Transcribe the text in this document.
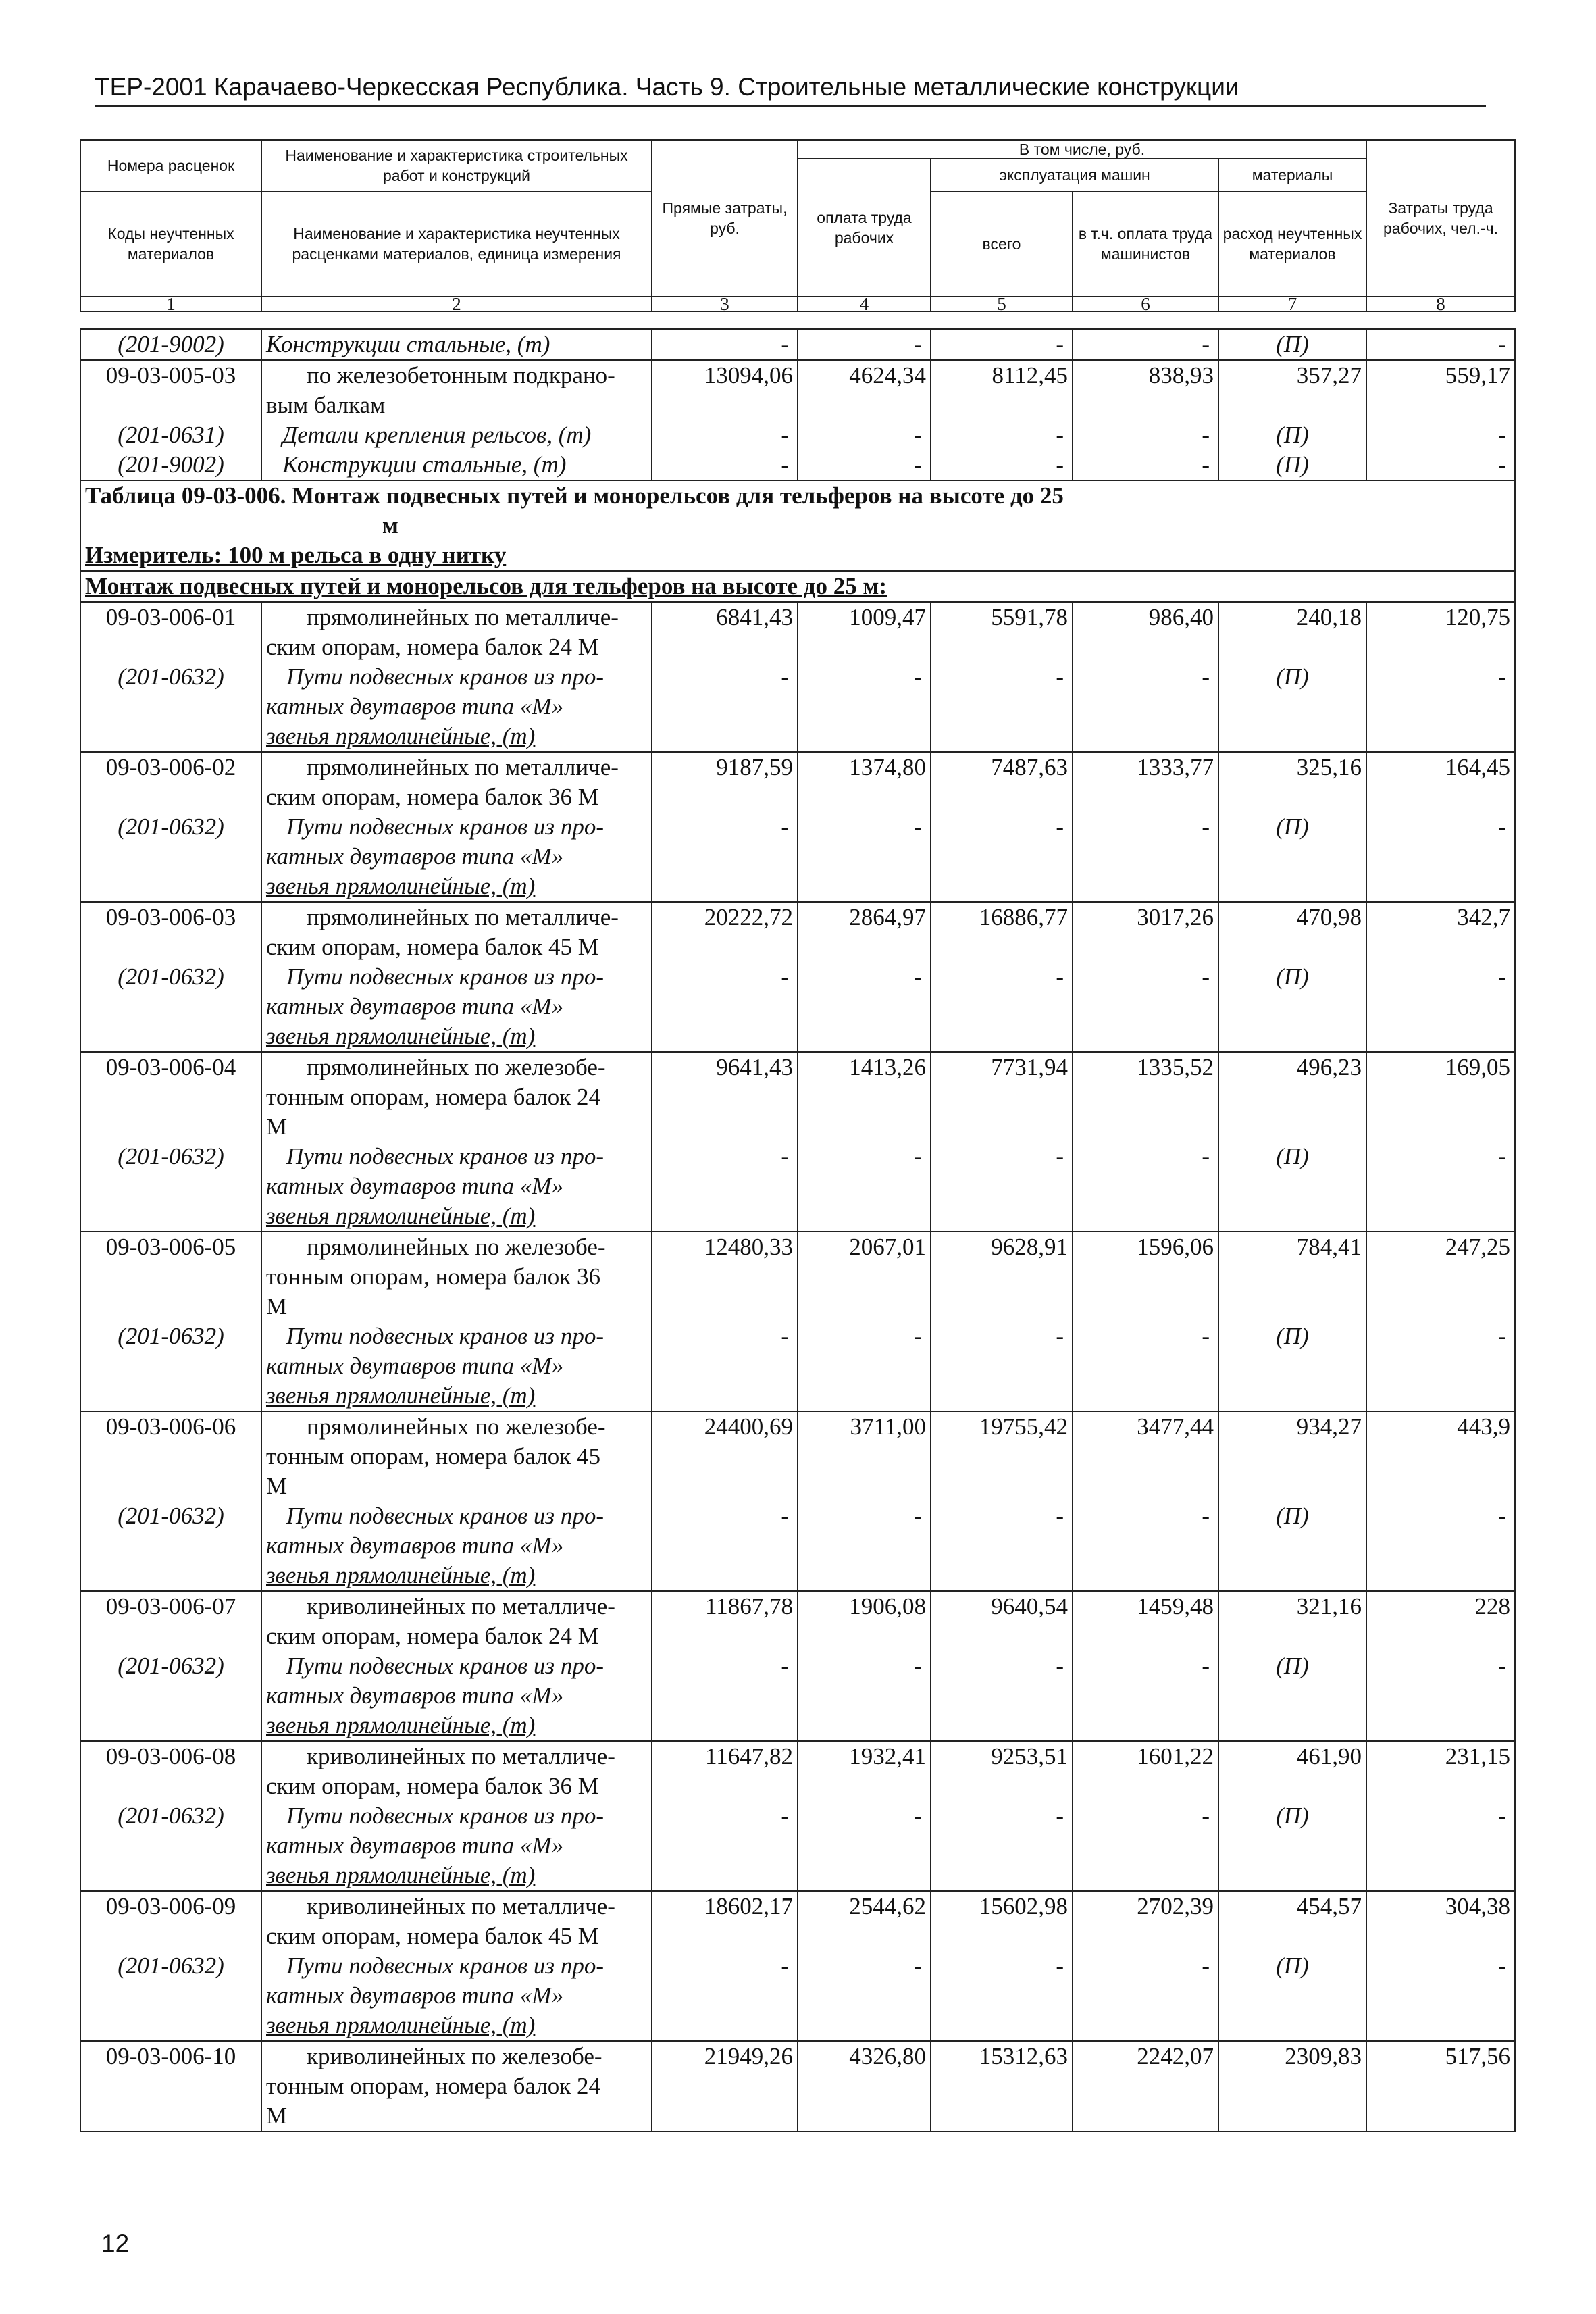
ТЕР-2001 Карачаево-Черкесская Республика. Часть 9. Строительные металлические конструкции
Номера расценок	Наименование и характеристика строительных работ и конструкций	Прямые затраты, руб.	В том числе, руб.				Затраты труда рабочих, чел.-ч.
			оплата труда рабочих	эксплуатация машин		материалы	
Коды неучтенных материалов	Наименование и характеристика неучтенных расценками материалов, единица измерения			всего	в т.ч. оплата труда машинистов	расход неучтенных материалов	

1	2	3	4	5	6	7	8
(201-9002)	Конструкции стальные, (т)	-	-	-	-	(П)	-
09-03-005-03	по железобетонным подкрано-
вым балкам	13094,06	4624,34	8112,45	838,93	357,27	559,17
(201-0631)	Детали крепления рельсов, (т)	-	-	-	-	(П)	-
(201-9002)	Конструкции стальные, (т)	-	-	-	-	(П)	-
Таблица 09-03-006. Монтаж подвесных путей и монорельсов для тельферов на высоте до 25
м							

Измеритель: 100 м рельса в одну нитку							
Монтаж подвесных путей и монорельсов для тельферов на высоте до 25 м:							
09-03-006-01	прямолинейных по металличе-
ским опорам, номера балок 24 М	6841,43	1009,47	5591,78	986,40	240,18	120,75
(201-0632)	Пути подвесных кранов из про-
катных двутавров типа «М»
звенья прямолинейные, (т)	-	-	-	-	(П)	-
09-03-006-02	прямолинейных по металличе-
ским опорам, номера балок 36 М	9187,59	1374,80	7487,63	1333,77	325,16	164,45
(201-0632)	Пути подвесных кранов из про-
катных двутавров типа «М»
звенья прямолинейные, (т)	-	-	-	-	(П)	-
09-03-006-03	прямолинейных по металличе-
ским опорам, номера балок 45 М	20222,72	2864,97	16886,77	3017,26	470,98	342,7
(201-0632)	Пути подвесных кранов из про-
катных двутавров типа «М»
звенья прямолинейные, (т)	-	-	-	-	(П)	-
09-03-006-04	прямолинейных по железобе-
тонным опорам, номера балок 24
М	9641,43	1413,26	7731,94	1335,52	496,23	169,05
(201-0632)	Пути подвесных кранов из про-
катных двутавров типа «М»
звенья прямолинейные, (т)	-	-	-	-	(П)	-
09-03-006-05	прямолинейных по железобе-
тонным опорам, номера балок 36
М	12480,33	2067,01	9628,91	1596,06	784,41	247,25
(201-0632)	Пути подвесных кранов из про-
катных двутавров типа «М»
звенья прямолинейные, (т)	-	-	-	-	(П)	-
09-03-006-06	прямолинейных по железобе-
тонным опорам, номера балок 45
М	24400,69	3711,00	19755,42	3477,44	934,27	443,9
(201-0632)	Пути подвесных кранов из про-
катных двутавров типа «М»
звенья прямолинейные, (т)	-	-	-	-	(П)	-
09-03-006-07	криволинейных по металличе-
ским опорам, номера балок 24 М	11867,78	1906,08	9640,54	1459,48	321,16	228
(201-0632)	Пути подвесных кранов из про-
катных двутавров типа «М»
звенья прямолинейные, (т)	-	-	-	-	(П)	-
09-03-006-08	криволинейных по металличе-
ским опорам, номера балок 36 М	11647,82	1932,41	9253,51	1601,22	461,90	231,15
(201-0632)	Пути подвесных кранов из про-
катных двутавров типа «М»
звенья прямолинейные, (т)	-	-	-	-	(П)	-
09-03-006-09	криволинейных по металличе-
ским опорам, номера балок 45 М	18602,17	2544,62	15602,98	2702,39	454,57	304,38
(201-0632)	Пути подвесных кранов из про-
катных двутавров типа «М»
звенья прямолинейные, (т)	-	-	-	-	(П)	-
09-03-006-10	криволинейных по железобе-
тонным опорам, номера балок 24
М	21949,26	4326,80	15312,63	2242,07	2309,83	517,56
12
